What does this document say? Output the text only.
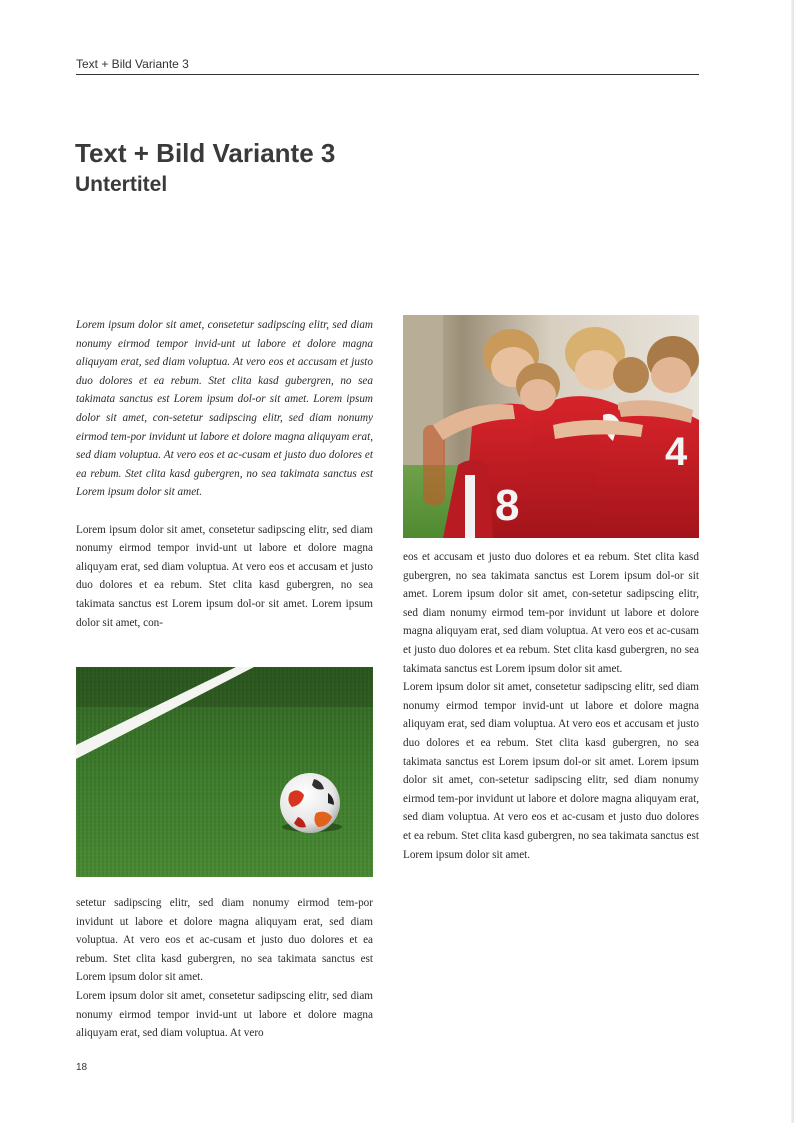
Text + Bild Variante 3
Text + Bild Variante 3
Untertitel

Lorem ipsum dolor sit amet, consetetur sadipscing elitr, sed diam nonumy eirmod tempor invid-unt ut labore et dolore magna aliquyam erat, sed diam voluptua. At vero eos et accusam et justo duo dolores et ea rebum. Stet clita kasd gubergren, no sea takimata sanctus est Lorem ipsum dol-or sit amet. Lorem ipsum dolor sit amet, con-setetur sadipscing elitr, sed diam nonumy eirmod tem-por invidunt ut labore et dolore magna aliquyam erat, sed diam voluptua. At vero eos et ac-cusam et justo duo dolores et ea rebum. Stet clita kasd gubergren, no sea takimata sanctus est Lorem ipsum dolor sit amet.

Lorem ipsum dolor sit amet, consetetur sadipscing elitr, sed diam nonumy eirmod tempor invid-unt ut labore et dolore magna aliquyam erat, sed diam voluptua. At vero eos et accusam et justo duo dolores et ea rebum. Stet clita kasd gubergren, no sea takimata sanctus est Lorem ipsum dol-or sit amet. Lorem ipsum dolor sit amet, con-

setetur sadipscing elitr, sed diam nonumy eirmod tem-por invidunt ut labore et dolore magna aliquyam erat, sed diam voluptua. At vero eos et ac-cusam et justo duo dolores et ea rebum. Stet clita kasd gubergren, no sea takimata sanctus est Lorem ipsum dolor sit amet.

Lorem ipsum dolor sit amet, consetetur sadipscing elitr, sed diam nonumy eirmod tempor invid-unt ut labore et dolore magna aliquyam erat, sed diam voluptua. At vero

8
4

eos et accusam et justo duo dolores et ea rebum. Stet clita kasd gubergren, no sea takimata sanctus est Lorem ipsum dol-or sit amet. Lorem ipsum dolor sit amet, con-setetur sadipscing elitr, sed diam nonumy eirmod tem-por invidunt ut labore et dolore magna aliquyam erat, sed diam voluptua. At vero eos et ac-cusam et justo duo dolores et ea rebum. Stet clita kasd gubergren, no sea takimata sanctus est Lorem ipsum dolor sit amet.

Lorem ipsum dolor sit amet, consetetur sadipscing elitr, sed diam nonumy eirmod tempor invid-unt ut labore et dolore magna aliquyam erat, sed diam voluptua. At vero eos et accusam et justo duo dolores et ea rebum. Stet clita kasd gubergren, no sea takimata sanctus est Lorem ipsum dol-or sit amet. Lorem ipsum dolor sit amet, con-setetur sadipscing elitr, sed diam nonumy eirmod tem-por invidunt ut labore et dolore magna aliquyam erat, sed diam voluptua. At vero eos et ac-cusam et justo duo dolores et ea rebum. Stet clita kasd gubergren, no sea takimata sanctus est Lorem ipsum dolor sit amet.

18
